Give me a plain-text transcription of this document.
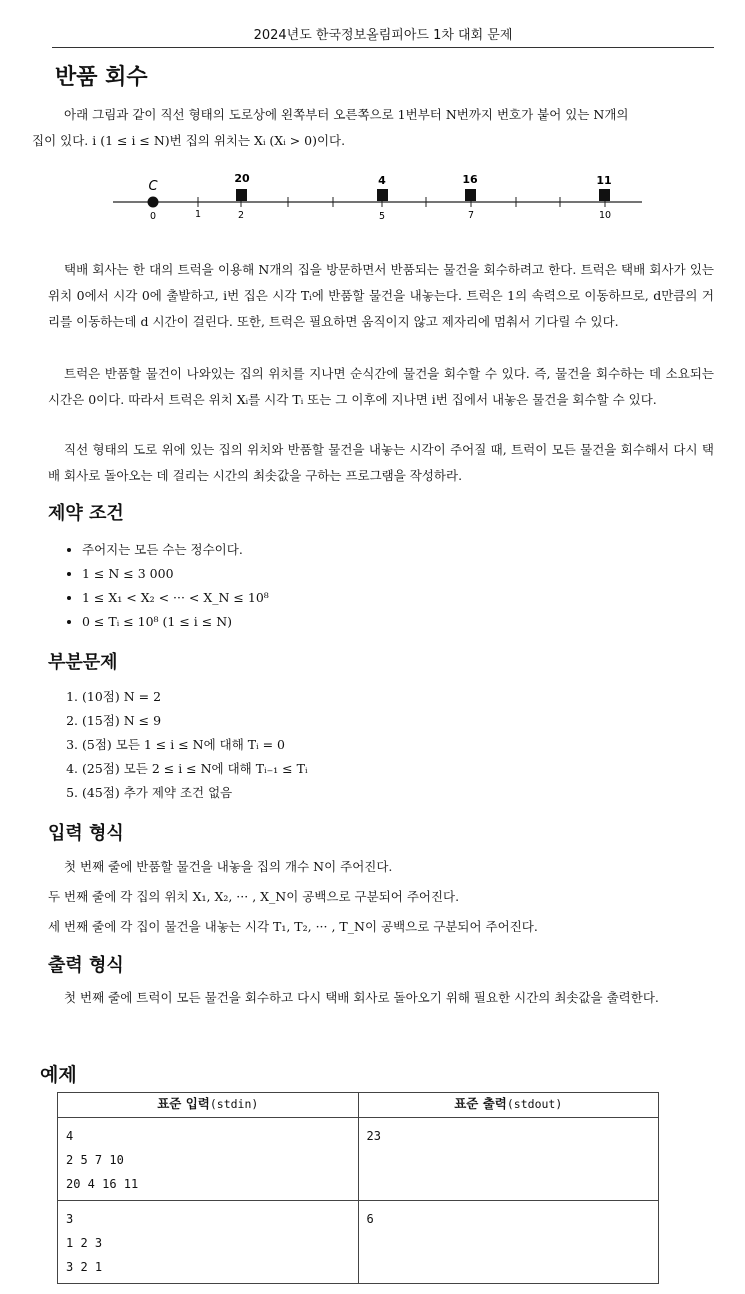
2024년도 한국정보올림피아드 1차 대회 문제
반품 회수

아래 그림과 같이 직선 형태의 도로상에 왼쪽부터 오른쪽으로 1번부터 N번까지 번호가 붙어 있는 N개의
집이 있다. i (1 ≤ i ≤ N)번 집의 위치는 Xᵢ (Xᵢ > 0)이다.

C
0	1	2	5	7	10
20	4	16	11

택배 회사는 한 대의 트럭을 이용해 N개의 집을 방문하면서 반품되는 물건을 회수하려고 한다. 트럭은 택배 회사가 있는 위치 0에서 시각 0에 출발하고, i번 집은 시각 Tᵢ에 반품할 물건을 내놓는다. 트럭은 1의 속력으로 이동하므로, d만큼의 거리를 이동하는데 d 시간이 걸린다. 또한, 트럭은 필요하면 움직이지 않고 제자리에 멈춰서 기다릴 수 있다.

트럭은 반품할 물건이 나와있는 집의 위치를 지나면 순식간에 물건을 회수할 수 있다. 즉, 물건을 회수하는 데 소요되는 시간은 0이다. 따라서 트럭은 위치 Xᵢ를 시각 Tᵢ 또는 그 이후에 지나면 i번 집에서 내놓은 물건을 회수할 수 있다.

직선 형태의 도로 위에 있는 집의 위치와 반품할 물건을 내놓는 시각이 주어질 때, 트럭이 모든 물건을 회수해서 다시 택배 회사로 돌아오는 데 걸리는 시간의 최솟값을 구하는 프로그램을 작성하라.

제약 조건
• 주어지는 모든 수는 정수이다.
• 1 ≤ N ≤ 3 000
• 1 ≤ X₁ < X₂ < ··· < X_N ≤ 10⁸
• 0 ≤ Tᵢ ≤ 10⁸ (1 ≤ i ≤ N)
부분문제
1. (10점) N = 2
2. (15점) N ≤ 9
3. (5점) 모든 1 ≤ i ≤ N에 대해 Tᵢ = 0
4. (25점) 모든 2 ≤ i ≤ N에 대해 Tᵢ₋₁ ≤ Tᵢ
5. (45점) 추가 제약 조건 없음
입력 형식

첫 번째 줄에 반품할 물건을 내놓을 집의 개수 N이 주어진다.
두 번째 줄에 각 집의 위치 X₁, X₂, ··· , X_N이 공백으로 구분되어 주어진다.
세 번째 줄에 각 집이 물건을 내놓는 시각 T₁, T₂, ··· , T_N이 공백으로 구분되어 주어진다.

출력 형식

첫 번째 줄에 트럭이 모든 물건을 회수하고 다시 택배 회사로 돌아오기 위해 필요한 시간의 최솟값을 출력한다.

예제
표준 입력(stdin)	표준 출력(stdout)

4
2 5 7 10
20 4 16 11	23

3
1 2 3
3 2 1	6
